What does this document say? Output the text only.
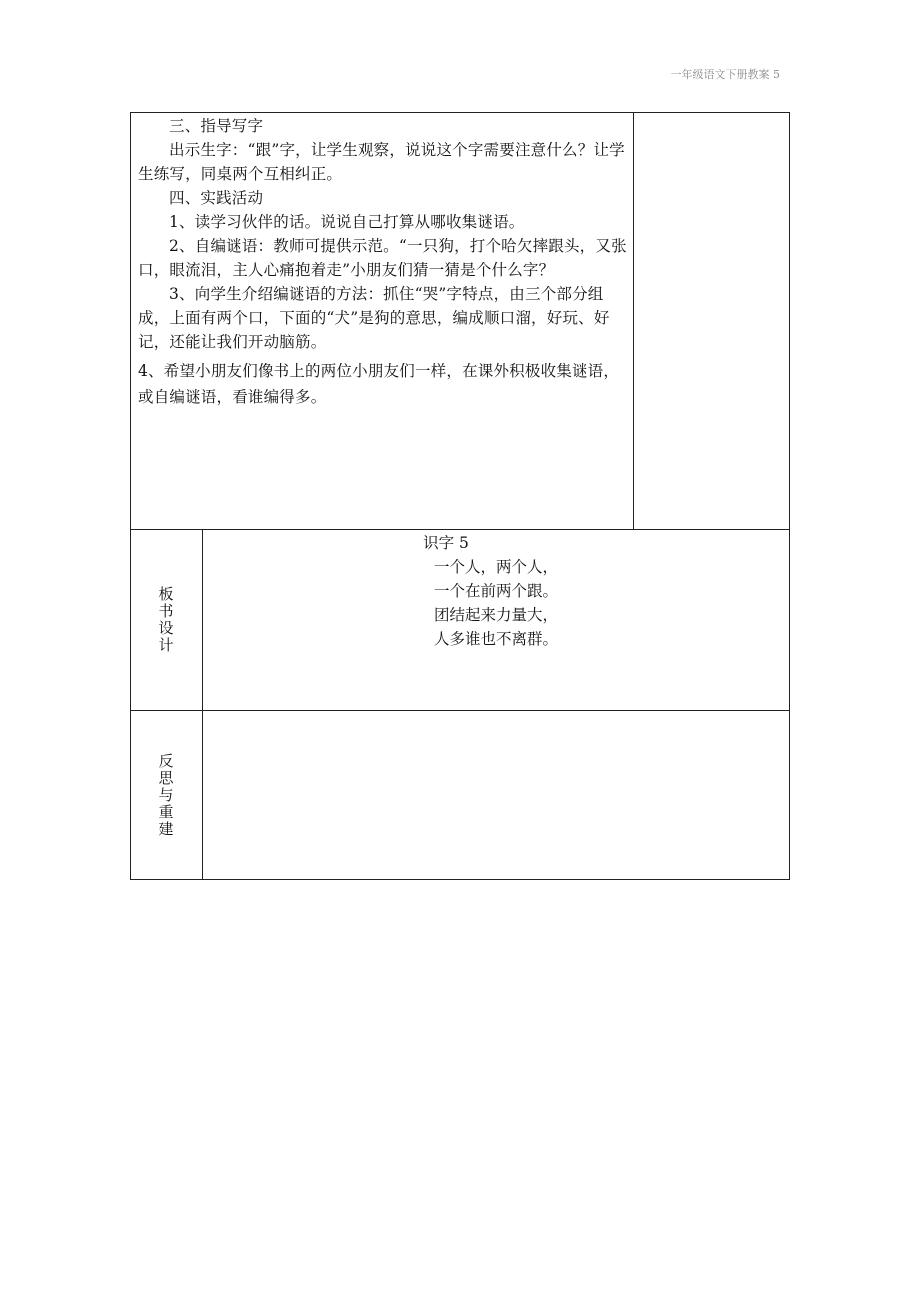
一年级语文下册教案 5

三、指导写字

出示生字：“跟”字，让学生观察，说说这个字需要注意什么？让学生练写，同桌两个互相纠正。

四、实践活动

1、读学习伙伴的话。说说自己打算从哪收集谜语。

2、自编谜语：教师可提供示范。“一只狗，打个哈欠摔跟头，又张口，眼流泪，主人心痛抱着走”小朋友们猜一猜是个什么字？

3、向学生介绍编谜语的方法：抓住“哭”字特点，由三个部分组成，上面有两个口，下面的“犬”是狗的意思，编成顺口溜，好玩、好记，还能让我们开动脑筋。

4、希望小朋友们像书上的两位小朋友们一样，在课外积极收集谜语，或自编谜语，看谁编得多。

板书设计

识字 5

一个人，两个人，

一个在前两个跟。

团结起来力量大，

人多谁也不离群。

反思与重建
